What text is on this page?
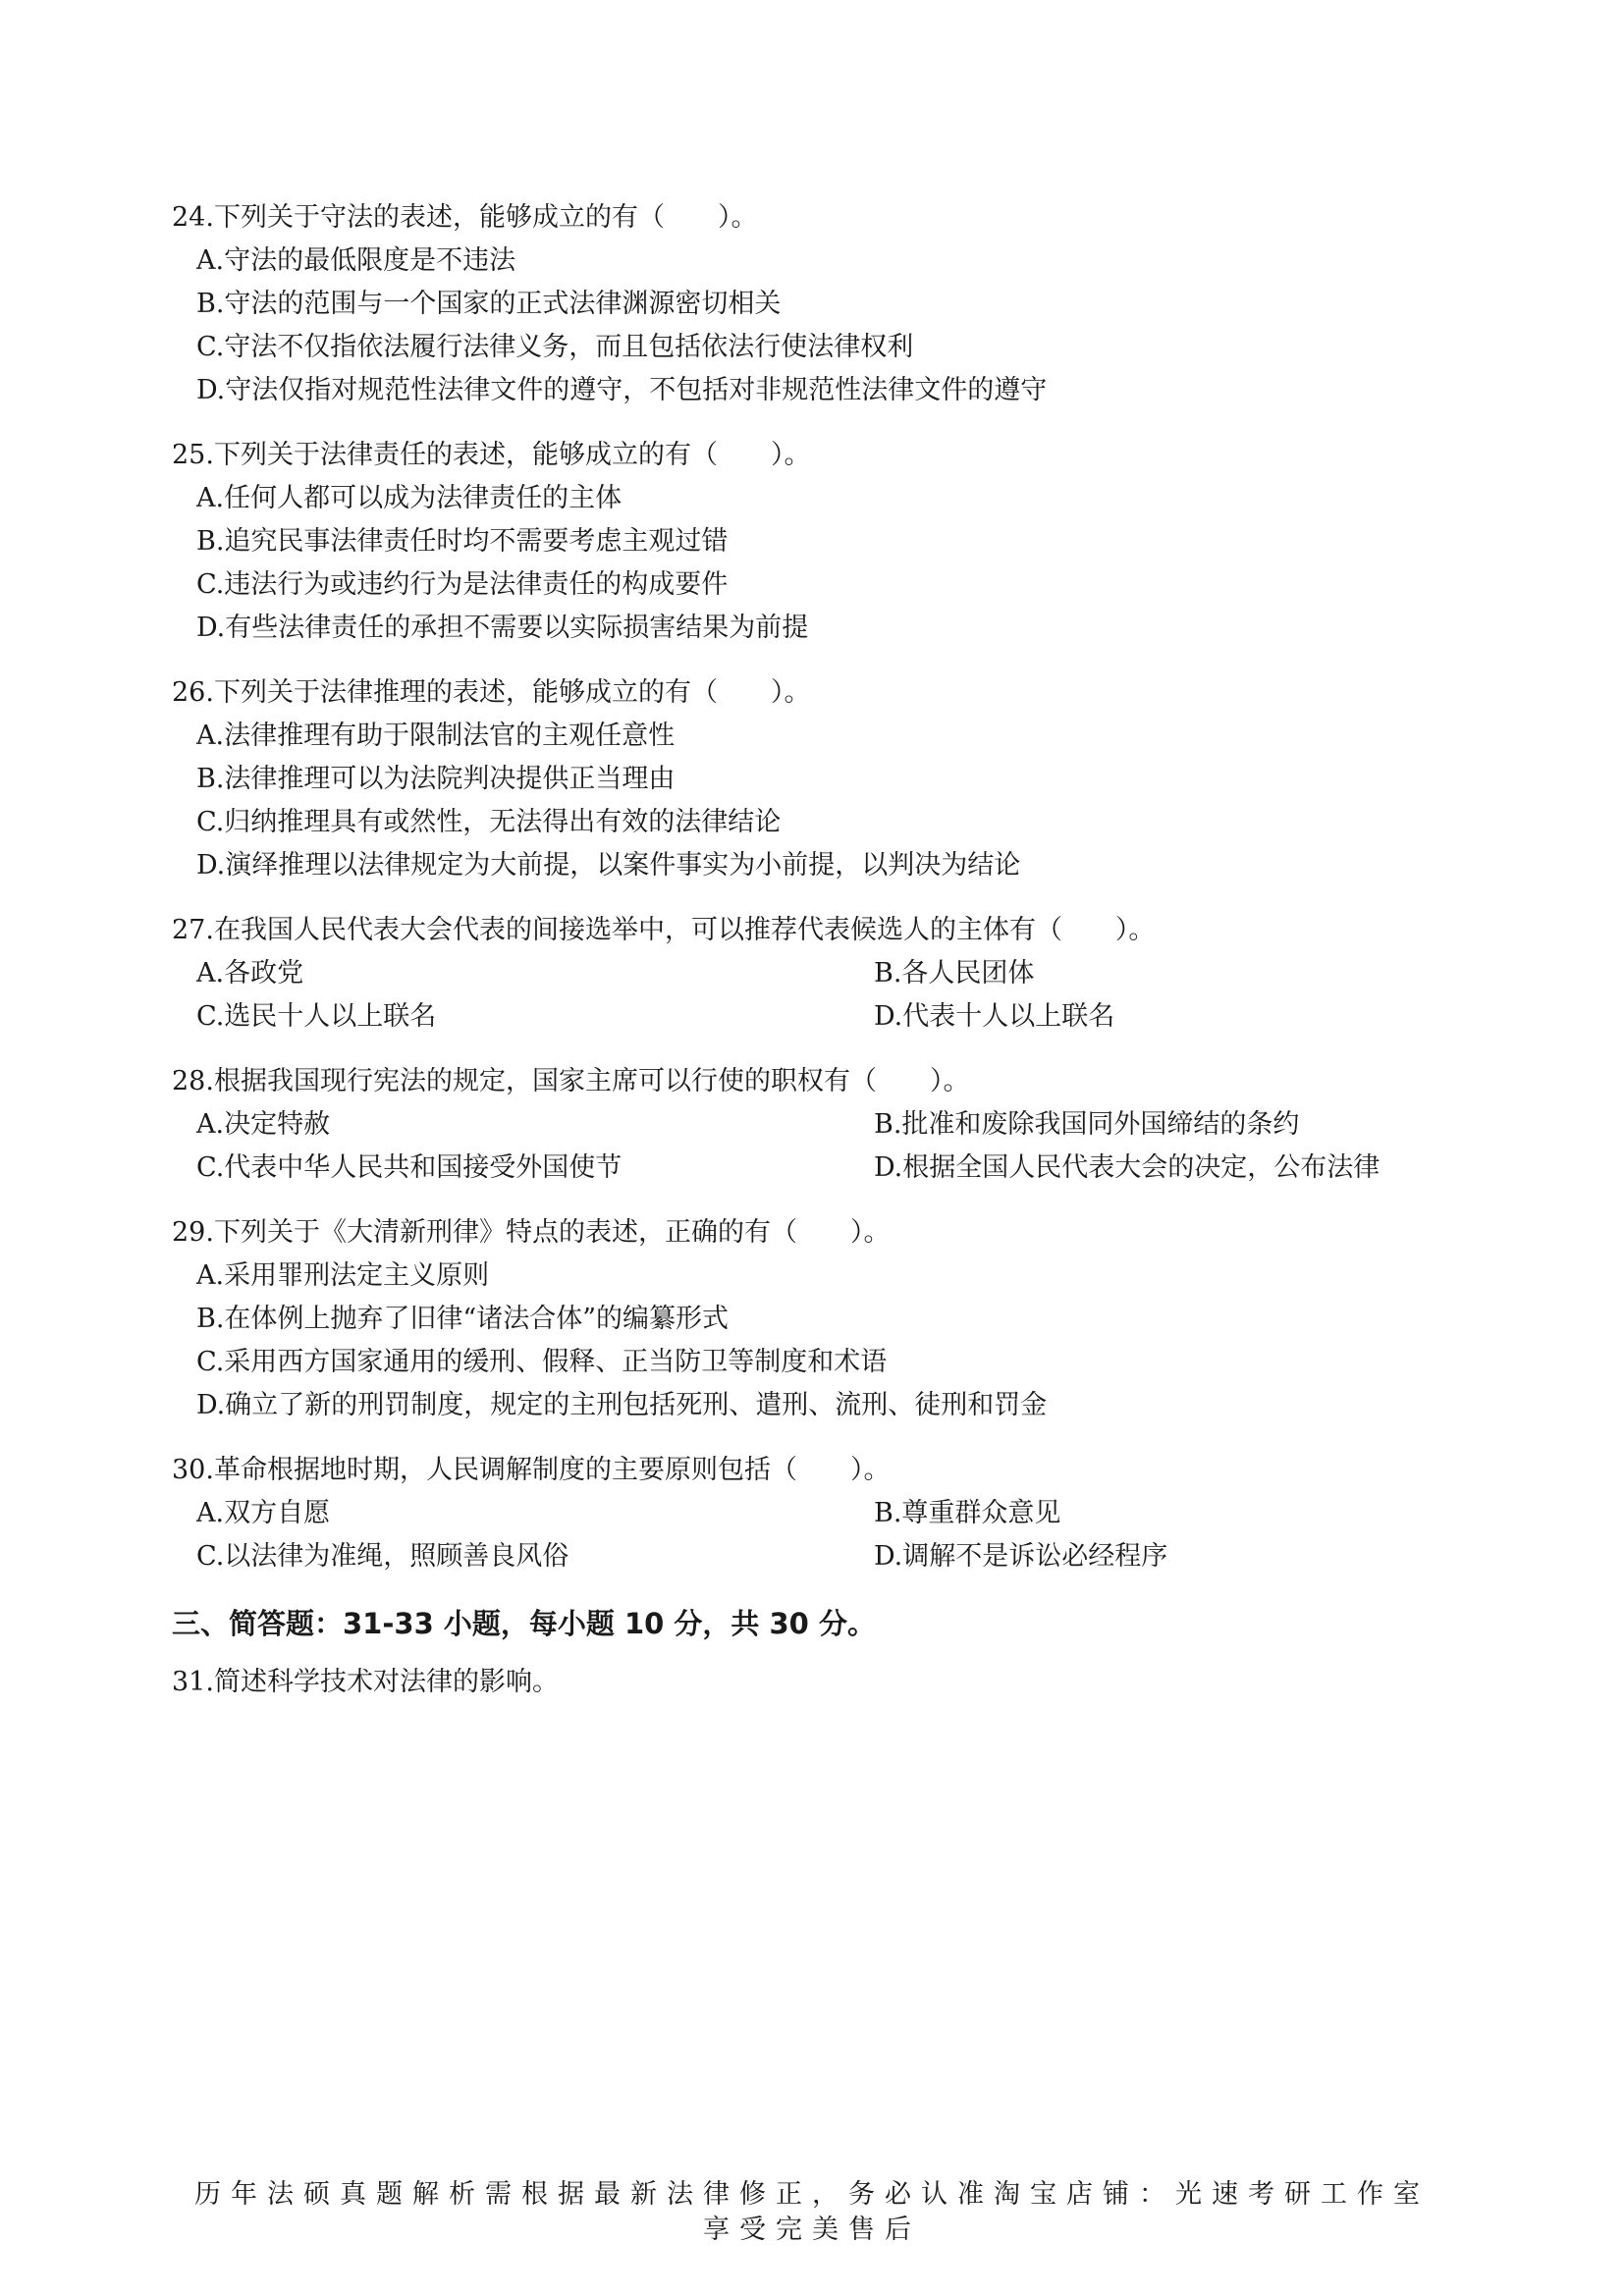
24.下列关于守法的表述，能够成立的有（　　）。
A.守法的最低限度是不违法
B.守法的范围与一个国家的正式法律渊源密切相关
C.守法不仅指依法履行法律义务，而且包括依法行使法律权利
D.守法仅指对规范性法律文件的遵守，不包括对非规范性法律文件的遵守
25.下列关于法律责任的表述，能够成立的有（　　）。
A.任何人都可以成为法律责任的主体
B.追究民事法律责任时均不需要考虑主观过错
C.违法行为或违约行为是法律责任的构成要件
D.有些法律责任的承担不需要以实际损害结果为前提
26.下列关于法律推理的表述，能够成立的有（　　）。
A.法律推理有助于限制法官的主观任意性
B.法律推理可以为法院判决提供正当理由
C.归纳推理具有或然性，无法得出有效的法律结论
D.演绎推理以法律规定为大前提，以案件事实为小前提，以判决为结论
27.在我国人民代表大会代表的间接选举中，可以推荐代表候选人的主体有（　　）。
A.各政党	B.各人民团体
C.选民十人以上联名	D.代表十人以上联名
28.根据我国现行宪法的规定，国家主席可以行使的职权有（　　）。
A.决定特赦	B.批准和废除我国同外国缔结的条约
C.代表中华人民共和国接受外国使节	D.根据全国人民代表大会的决定，公布法律
29.下列关于《大清新刑律》特点的表述，正确的有（　　）。
A.采用罪刑法定主义原则
B.在体例上抛弃了旧律“诸法合体”的编纂形式
C.采用西方国家通用的缓刑、假释、正当防卫等制度和术语
D.确立了新的刑罚制度，规定的主刑包括死刑、遣刑、流刑、徒刑和罚金
30.革命根据地时期，人民调解制度的主要原则包括（　　）。
A.双方自愿	B.尊重群众意见
C.以法律为准绳，照顾善良风俗	D.调解不是诉讼必经程序
三、简答题：31-33 小题，每小题 10 分，共 30 分。
31.简述科学技术对法律的影响。
历年法硕真题解析需根据最新法律修正，务必认准淘宝店铺：光速考研工作室
享受完美售后
